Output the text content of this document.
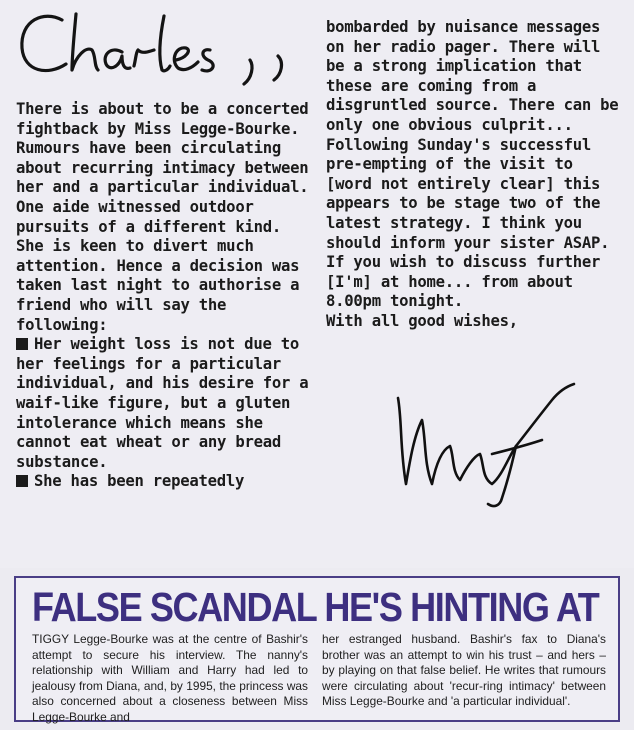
There is about to be a concerted fightback by Miss Legge-Bourke. Rumours have been circulating about recurring intimacy between her and a particular individual. One aide witnessed outdoor pursuits of a different kind. She is keen to divert much attention. Hence a decision was taken last night to authorise a friend who will say the following:

Her weight loss is not due to her feelings for a particular individual, and his desire for a waif-like figure, but a gluten intolerance which means she cannot eat wheat or any bread substance.

She has been repeatedly

bombarded by nuisance messages on her radio pager. There will be a strong implication that these are coming from a disgruntled source. There can be only one obvious culprit... Following Sunday's successful pre-empting of the visit to [word not entirely clear] this appears to be stage two of the latest strategy. I think you should inform your sister ASAP.

If you wish to discuss further [I'm] at home... from about 8.00pm tonight.

With all good wishes,

FALSE SCANDAL HE'S HINTING AT

TIGGY Legge-Bourke was at the centre of Bashir's attempt to secure his interview. The nanny's relationship with William and Harry had led to jealousy from Diana, and, by 1995, the princess was also concerned about a closeness between Miss Legge-Bourke and

her estranged husband. Bashir's fax to Diana's brother was an attempt to win his trust – and hers – by playing on that false belief. He writes that rumours were circulating about 'recur-ring intimacy' between Miss Legge-Bourke and 'a particular individual'.
